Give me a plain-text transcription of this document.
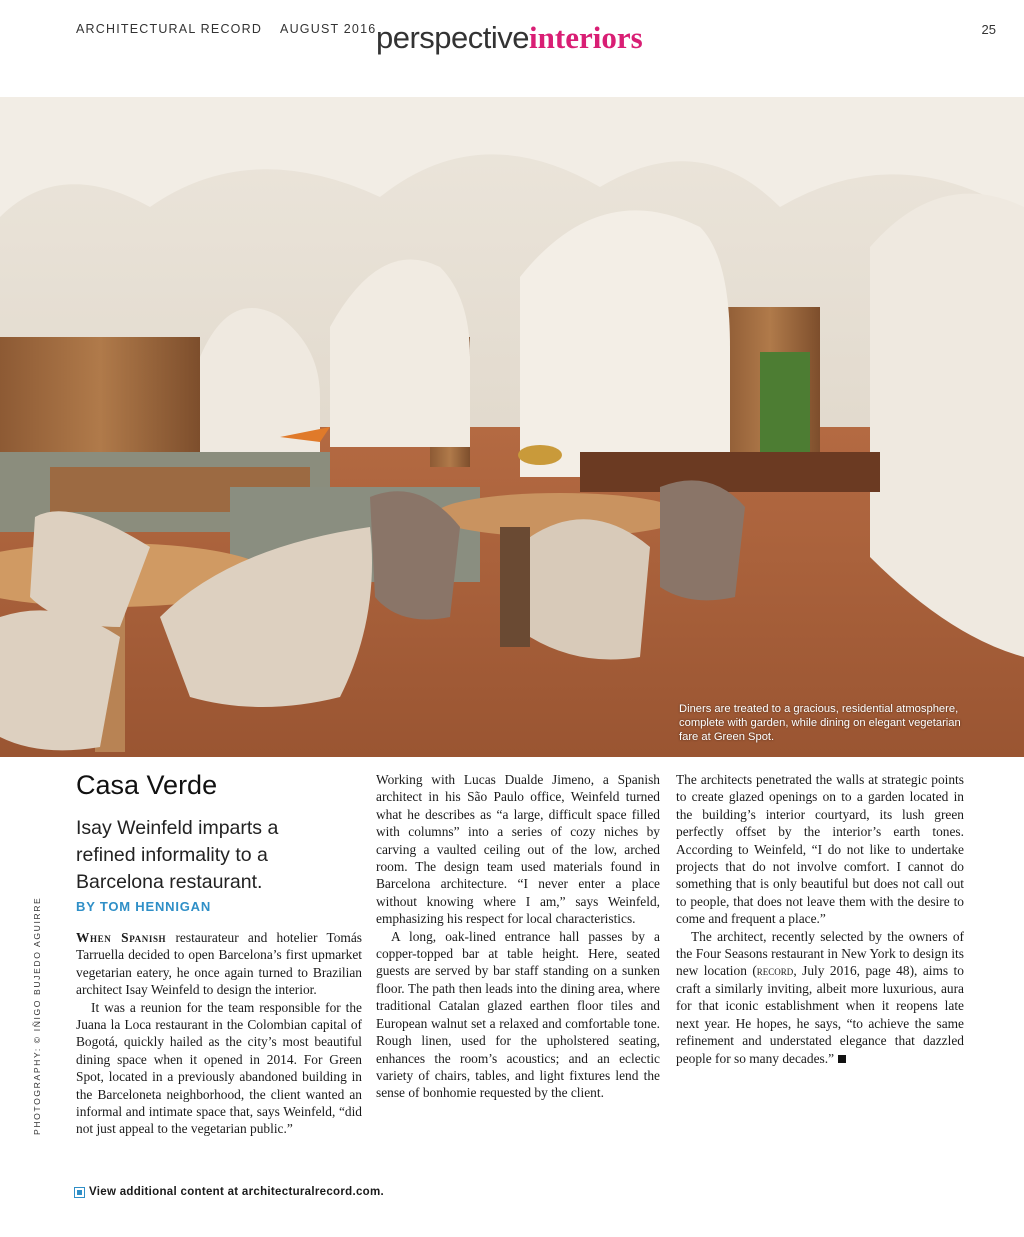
ARCHITECTURAL RECORD AUGUST 2016 perspectiveinteriors	25
Diners are treated to a gracious, residential atmosphere, complete with garden, while dining on elegant vegetarian fare at Green Spot.
PHOTOGRAPHY: © IÑIGO BUJEDO AGUIRRE
Casa Verde
Isay Weinfeld imparts a refined informality to a Barcelona restaurant.
BY TOM HENNIGAN

When Spanish restaurateur and hotelier Tomás Tarruella decided to open Barcelona’s first upmarket vegetarian eatery, he once again turned to Brazilian architect Isay Weinfeld to design the interior.

It was a reunion for the team responsible for the Juana la Loca restaurant in the Colombian capital of Bogotá, quickly hailed as the city’s most beautiful dining space when it opened in 2014. For Green Spot, located in a previously abandoned building in the Barceloneta neighborhood, the client wanted an informal and intimate space that, says Weinfeld, “did not just appeal to the vegetarian public.”

Working with Lucas Dualde Jimeno, a Spanish architect in his São Paulo office, Weinfeld turned what he describes as “a large, difficult space filled with columns” into a series of cozy niches by carving a vaulted ceiling out of the low, arched room. The design team used materials found in Barcelona architecture. “I never enter a place without knowing where I am,” says Weinfeld, emphasizing his respect for local characteristics.

A long, oak-lined entrance hall passes by a copper-topped bar at table height. Here, seated guests are served by bar staff standing on a sunken floor. The path then leads into the dining area, where traditional Catalan glazed earthen floor tiles and European walnut set a relaxed and comfortable tone. Rough linen, used for the upholstered seating, enhances the room’s acoustics; and an eclectic variety of chairs, tables, and light fixtures lend the sense of bonhomie requested by the client.

The architects penetrated the walls at strategic points to create glazed openings on to a garden located in the building’s interior courtyard, its lush green perfectly offset by the interior’s earth tones. According to Weinfeld, “I do not like to undertake projects that do not involve comfort. I cannot do something that is only beautiful but does not call out to people, that does not leave them with the desire to come and frequent a place.”

The architect, recently selected by the owners of the Four Seasons restaurant in New York to design its new location (record, July 2016, page 48), aims to craft a similarly inviting, albeit more luxurious, aura for that iconic establishment when it reopens late next year. He hopes, he says, “to achieve the same refinement and understated elegance that dazzled people for so many decades.”

View additional content at architecturalrecord.com.
